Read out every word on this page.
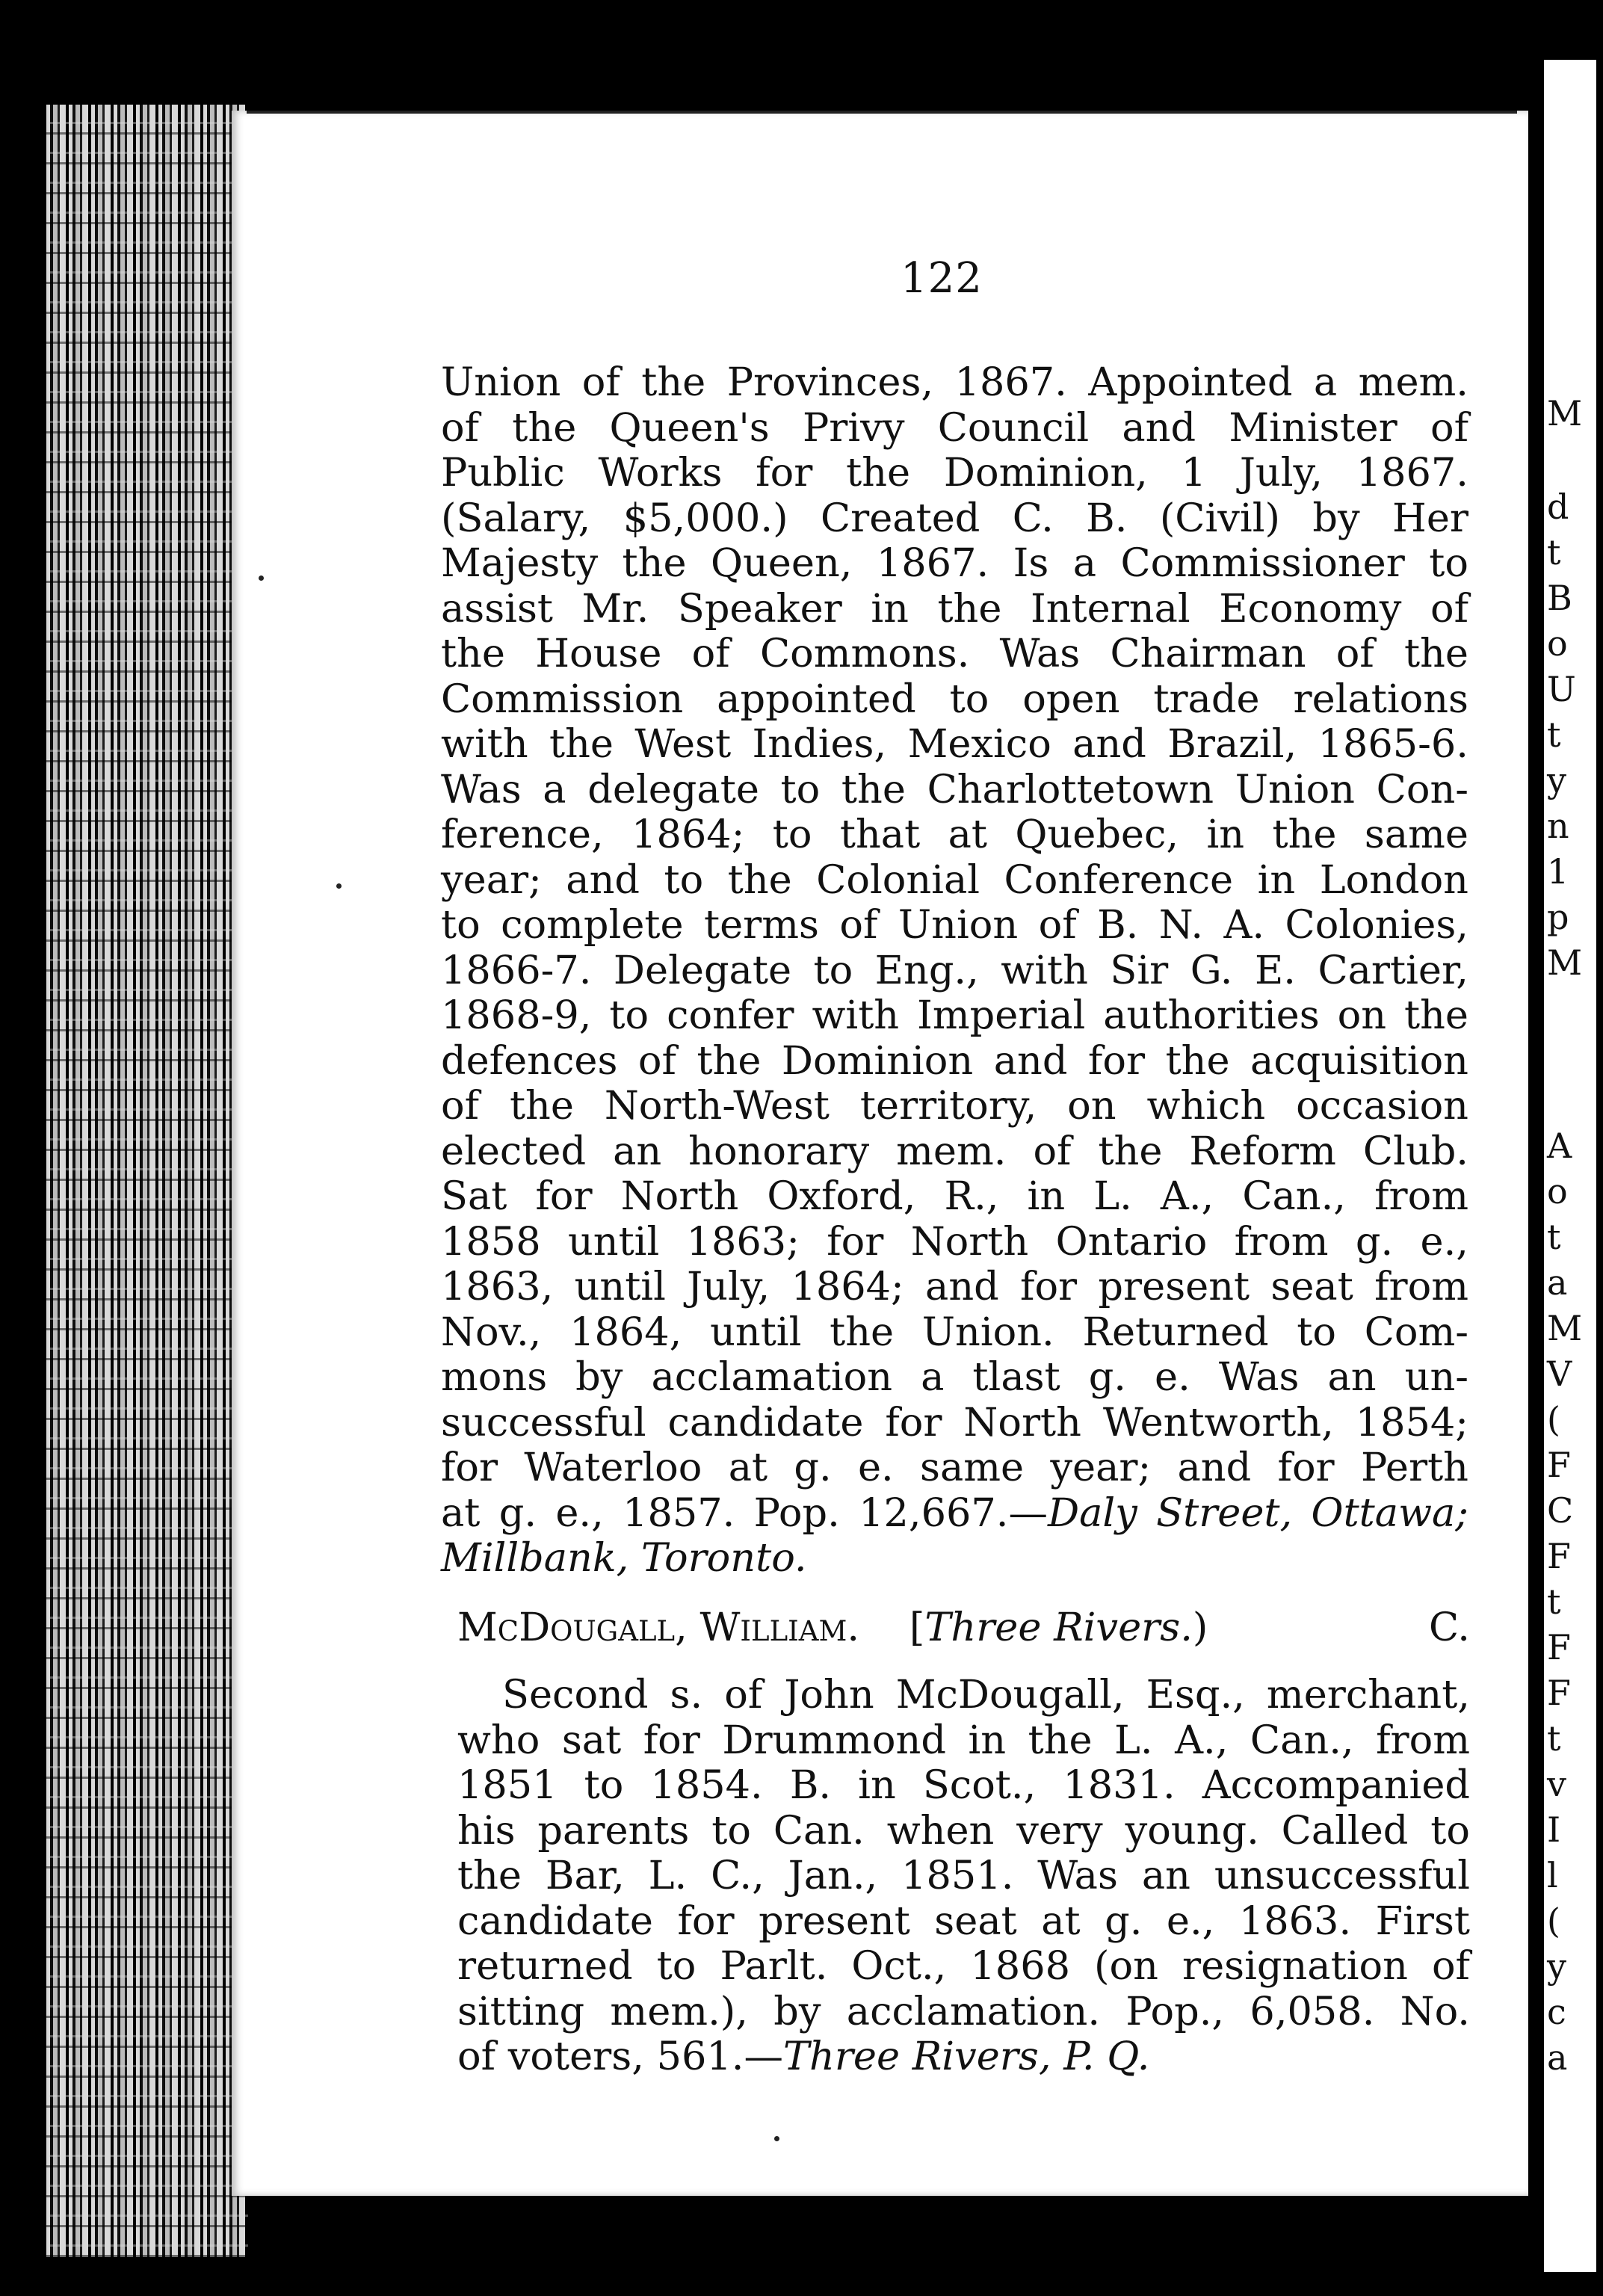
M
d
t
B
o
U
t
y
n
1
p
M
A
o
t
a
M
V
(
F
C
F
t
F
F
t
v
I
l
(
y
c
a
122
Union of the Provinces, 1867. Appointed a mem.
of the Queen's Privy Council and Minister of
Public Works for the Dominion, 1 July, 1867.
(Salary, $5,000.) Created C. B. (Civil) by Her
Majesty the Queen, 1867. Is a Commissioner to
assist Mr. Speaker in the Internal Economy of
the House of Commons. Was Chairman of the
Commission appointed to open trade relations
with the West Indies, Mexico and Brazil, 1865-6.
Was a delegate to the Charlottetown Union Con-
ference, 1864; to that at Quebec, in the same
year; and to the Colonial Conference in London
to complete terms of Union of B. N. A. Colonies,
1866-7. Delegate to Eng., with Sir G. E. Cartier,
1868-9, to confer with Imperial authorities on the
defences of the Dominion and for the acquisition
of the North-West territory, on which occasion
elected an honorary mem. of the Reform Club.
Sat for North Oxford, R., in L. A., Can., from
1858 until 1863; for North Ontario from g. e.,
1863, until July, 1864; and for present seat from
Nov., 1864, until the Union. Returned to Com-
mons by acclamation a tlast g. e. Was an un-
successful candidate for North Wentworth, 1854;
for Waterloo at g. e. same year; and for Perth
at g. e., 1857. Pop. 12,667.—Daly Street, Ottawa;
Millbank, Toronto.
McDougall, William. [Three Rivers.)	C.
Second s. of John McDougall, Esq., merchant,
who sat for Drummond in the L. A., Can., from
1851 to 1854. B. in Scot., 1831. Accompanied
his parents to Can. when very young. Called to
the Bar, L. C., Jan., 1851. Was an unsuccessful
candidate for present seat at g. e., 1863. First
returned to Parlt. Oct., 1868 (on resignation of
sitting mem.), by acclamation. Pop., 6,058. No.
of voters, 561.—Three Rivers, P. Q.
